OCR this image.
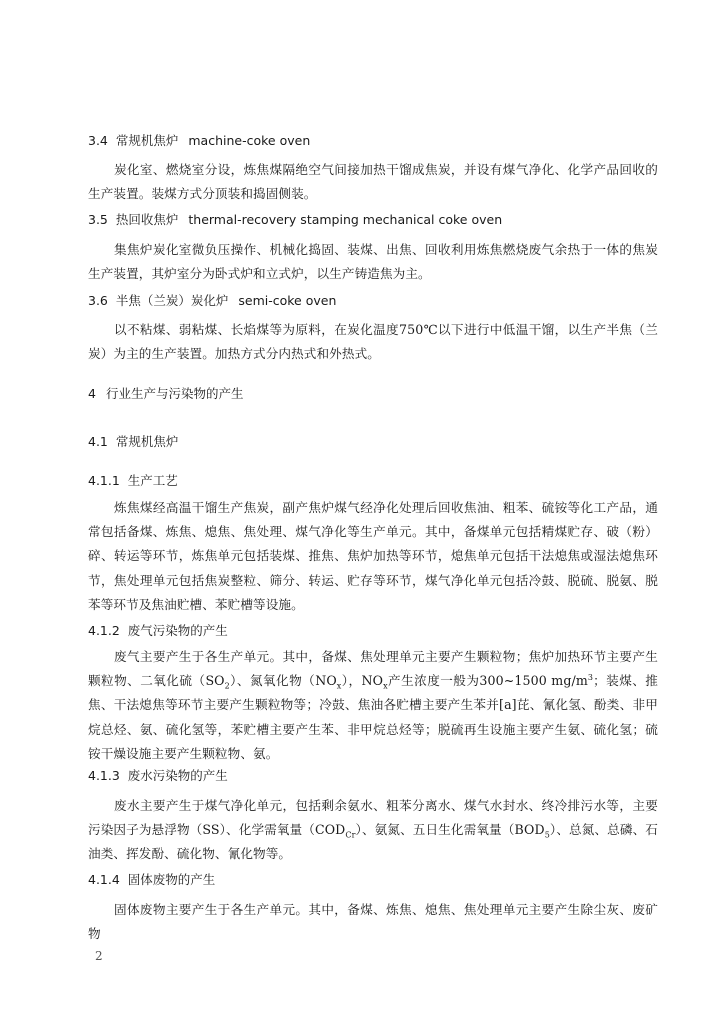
3.4 常规机焦炉 machine-coke oven

炭化室、燃烧室分设，炼焦煤隔绝空气间接加热干馏成焦炭，并设有煤气净化、化学产品回收的生产装置。装煤方式分顶装和捣固侧装。

3.5 热回收焦炉 thermal-recovery stamping mechanical coke oven

集焦炉炭化室微负压操作、机械化捣固、装煤、出焦、回收利用炼焦燃烧废气余热于一体的焦炭生产装置，其炉室分为卧式炉和立式炉，以生产铸造焦为主。

3.6 半焦（兰炭）炭化炉 semi-coke oven

以不粘煤、弱粘煤、长焰煤等为原料，在炭化温度750℃以下进行中低温干馏，以生产半焦（兰炭）为主的生产装置。加热方式分内热式和外热式。

4 行业生产与污染物的产生
4.1 常规机焦炉
4.1.1 生产工艺

炼焦煤经高温干馏生产焦炭，副产焦炉煤气经净化处理后回收焦油、粗苯、硫铵等化工产品，通常包括备煤、炼焦、熄焦、焦处理、煤气净化等生产单元。其中，备煤单元包括精煤贮存、破（粉）碎、转运等环节，炼焦单元包括装煤、推焦、焦炉加热等环节，熄焦单元包括干法熄焦或湿法熄焦环节，焦处理单元包括焦炭整粒、筛分、转运、贮存等环节，煤气净化单元包括冷鼓、脱硫、脱氨、脱苯等环节及焦油贮槽、苯贮槽等设施。

4.1.2 废气污染物的产生

废气主要产生于各生产单元。其中，备煤、焦处理单元主要产生颗粒物；焦炉加热环节主要产生颗粒物、二氧化硫$(SO_2)$、氮氧化物$(NO_x)$，$NO_x$产生浓度一般为300~1500 $mg/m^3$；装煤、推焦、干法熄焦等环节主要产生颗粒物等；冷鼓、焦油各贮槽主要产生苯并[a]芘、氰化氢、酚类、非甲烷总烃、氨、硫化氢等，苯贮槽主要产生苯、非甲烷总烃等；脱硫再生设施主要产生氨、硫化氢；硫铵干燥设施主要产生颗粒物、氨。

4.1.3 废水污染物的产生

废水主要产生于煤气净化单元，包括剩余氨水、粗苯分离水、煤气水封水、终冷排污水等，主要污染因子为悬浮物（SS）、化学需氧量$(COD_{Cr})$、氨氮、五日生化需氧量$(BOD_5)$、总氮、总磷、石油类、挥发酚、硫化物、氰化物等。

4.1.4 固体废物的产生

固体废物主要产生于各生产单元。其中，备煤、炼焦、熄焦、焦处理单元主要产生除尘灰、废矿物

2
